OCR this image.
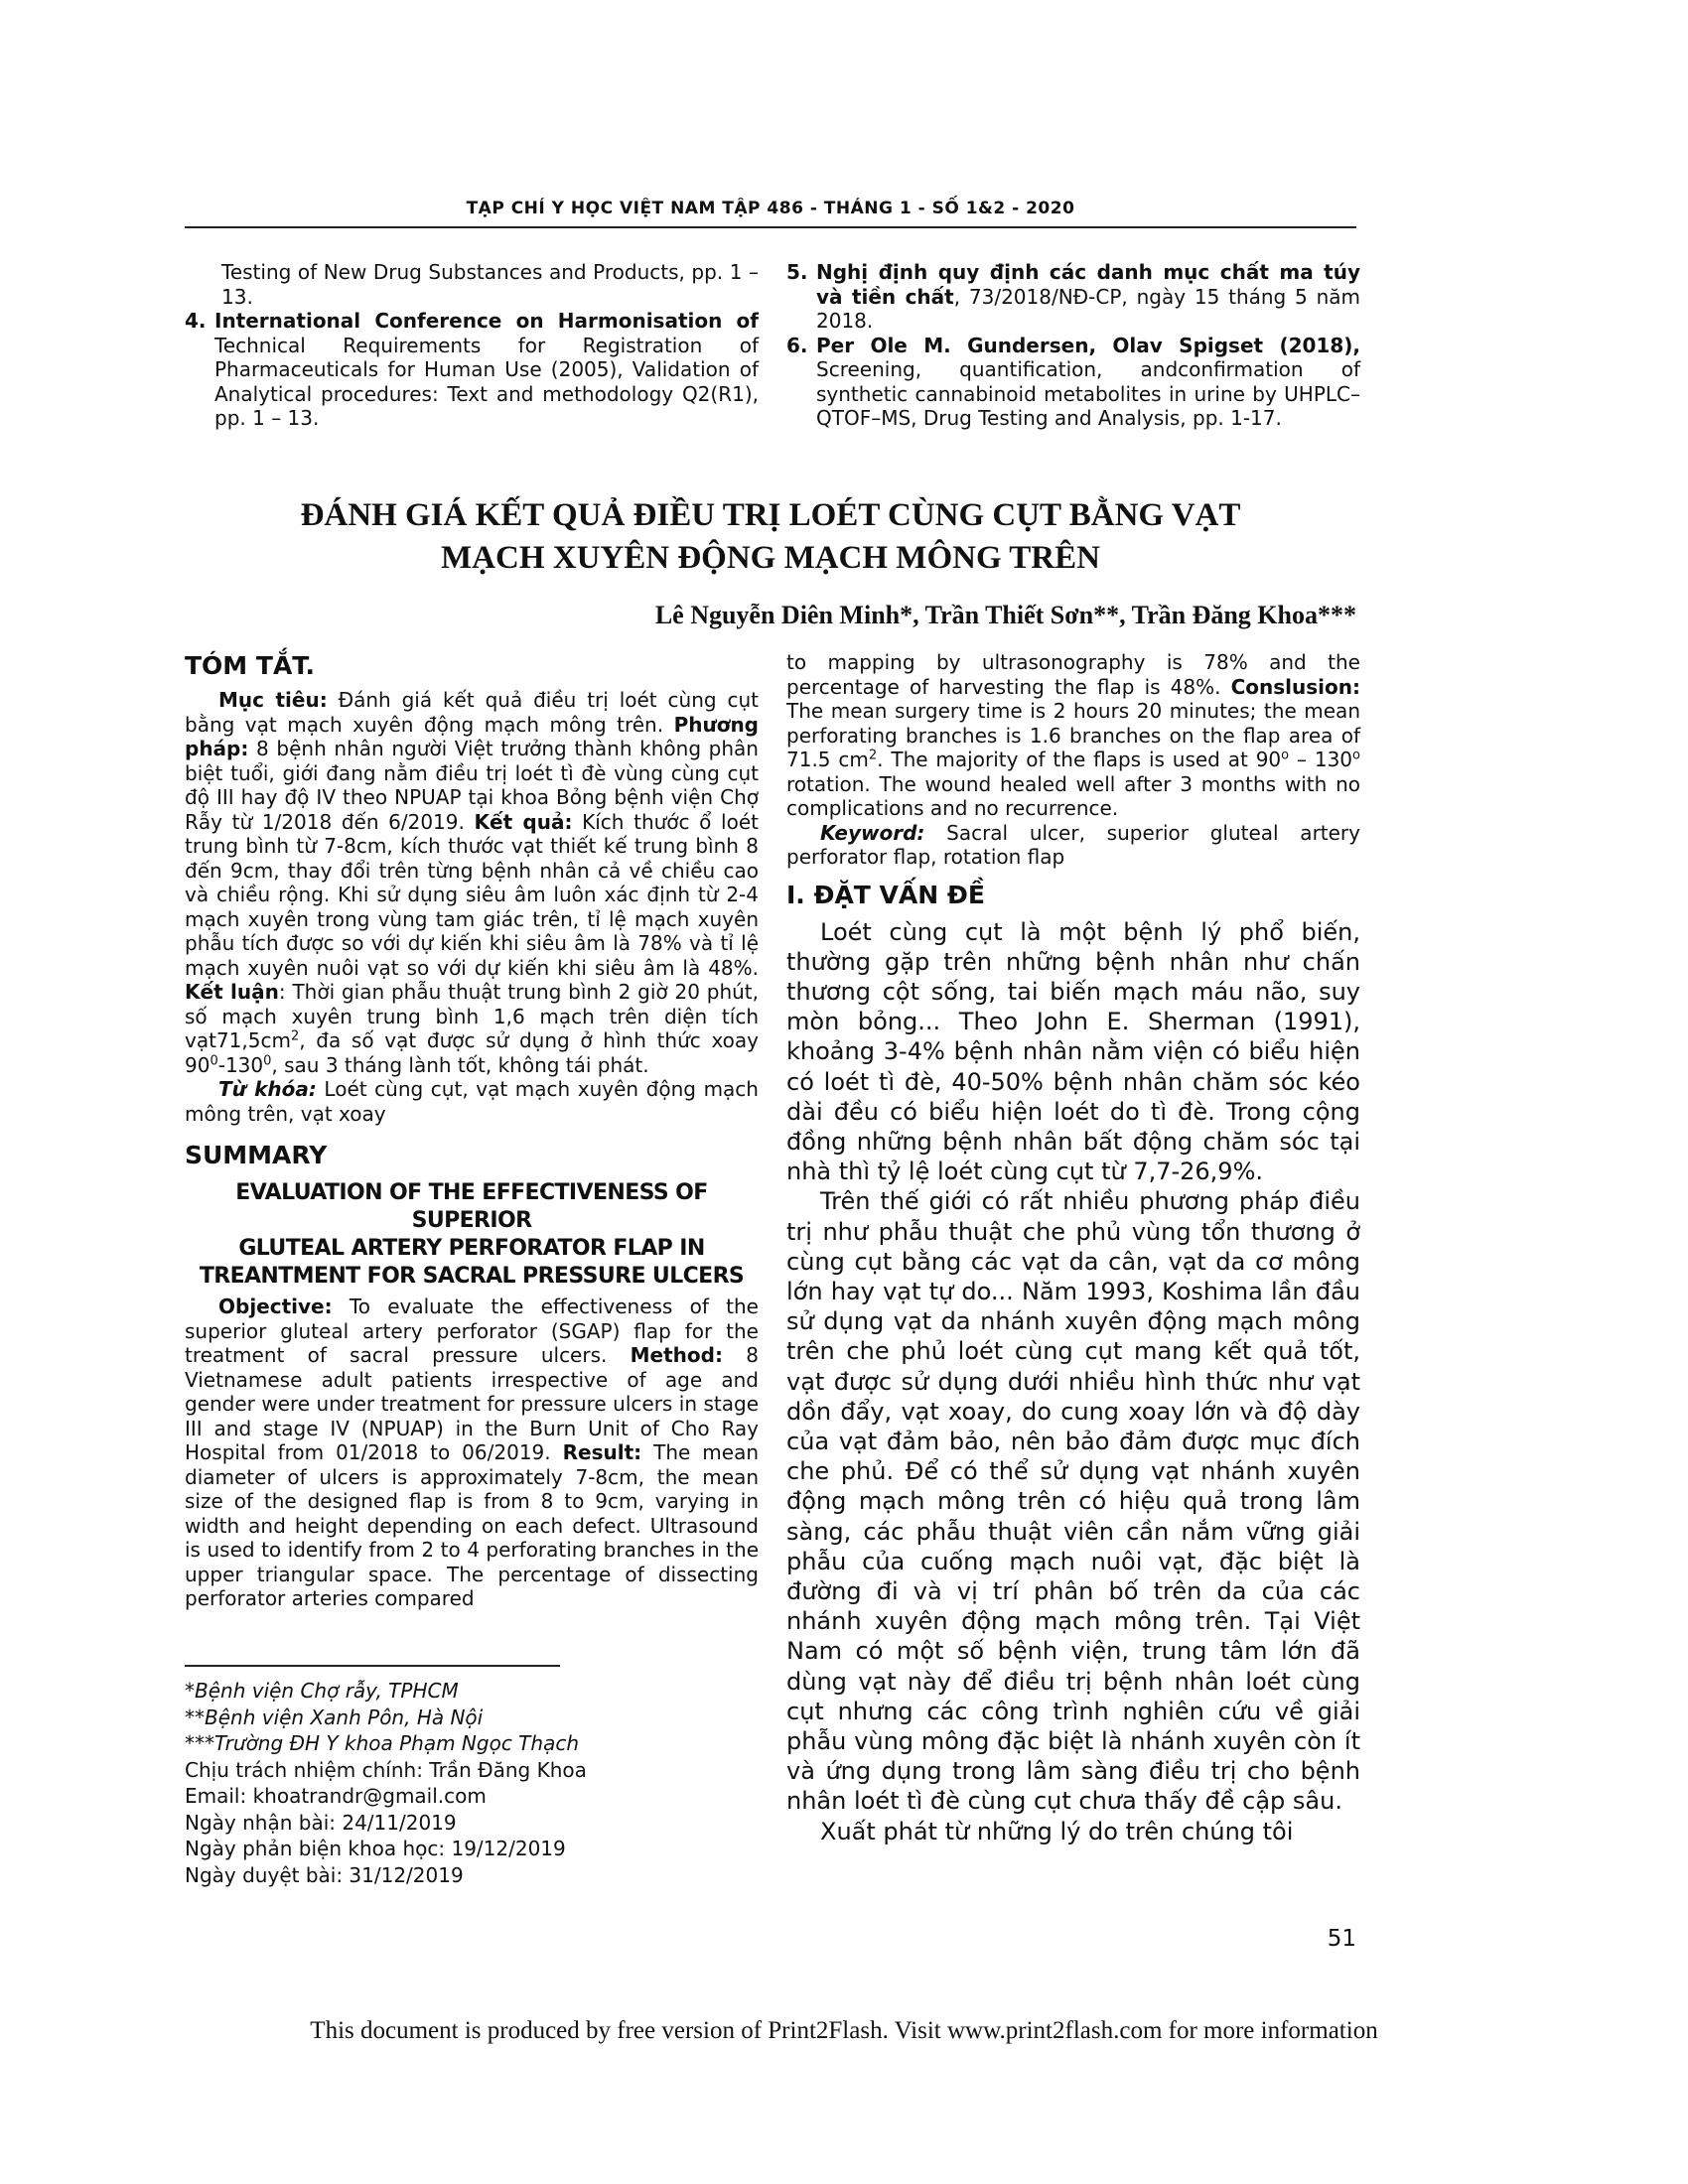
TẠP CHÍ Y HỌC VIỆT NAM TẬP 486 - THÁNG 1 - SỐ 1&2 - 2020
Testing of New Drug Substances and Products, pp. 1 – 13.
4. International Conference on Harmonisation of Technical Requirements for Registration of Pharmaceuticals for Human Use (2005), Validation of Analytical procedures: Text and methodology Q2(R1), pp. 1 – 13.
5. Nghị định quy định các danh mục chất ma túy và tiền chất, 73/2018/NĐ-CP, ngày 15 tháng 5 năm 2018.
6. Per Ole M. Gundersen, Olav Spigset (2018), Screening, quantification, andconfirmation of synthetic cannabinoid metabolites in urine by UHPLC–QTOF–MS, Drug Testing and Analysis, pp. 1-17.
ĐÁNH GIÁ KẾT QUẢ ĐIỀU TRỊ LOÉT CÙNG CỤT BẰNG VẠT
MẠCH XUYÊN ĐỘNG MẠCH MÔNG TRÊN
Lê Nguyễn Diên Minh*, Trần Thiết Sơn**, Trần Đăng Khoa***
TÓM TẮT.

Mục tiêu: Đánh giá kết quả điều trị loét cùng cụt bằng vạt mạch xuyên động mạch mông trên. Phương pháp: 8 bệnh nhân người Việt trưởng thành không phân biệt tuổi, giới đang nằm điều trị loét tì đè vùng cùng cụt độ III hay độ IV theo NPUAP tại khoa Bỏng bệnh viện Chợ Rẫy từ 1/2018 đến 6/2019. Kết quả: Kích thước ổ loét trung bình từ 7-8cm, kích thước vạt thiết kế trung bình 8 đến 9cm, thay đổi trên từng bệnh nhân cả về chiều cao và chiều rộng. Khi sử dụng siêu âm luôn xác định từ 2-4 mạch xuyên trong vùng tam giác trên, tỉ lệ mạch xuyên phẫu tích được so với dự kiến khi siêu âm là 78% và tỉ lệ mạch xuyên nuôi vạt so với dự kiến khi siêu âm là 48%. Kết luận: Thời gian phẫu thuật trung bình 2 giờ 20 phút, số mạch xuyên trung bình 1,6 mạch trên diện tích $vạt71,5cm^2$, đa số vạt được sử dụng ở hình thức xoay $90^0-130^0$, sau 3 tháng lành tốt, không tái phát.

Từ khóa: Loét cùng cụt, vạt mạch xuyên động mạch mông trên, vạt xoay

SUMMARY
EVALUATION OF THE EFFECTIVENESS OF SUPERIOR
GLUTEAL ARTERY PERFORATOR FLAP IN
TREANTMENT FOR SACRAL PRESSURE ULCERS

Objective: To evaluate the effectiveness of the superior gluteal artery perforator (SGAP) flap for the treatment of sacral pressure ulcers. Method: 8 Vietnamese adult patients irrespective of age and gender were under treatment for pressure ulcers in stage III and stage IV (NPUAP) in the Burn Unit of Cho Ray Hospital from 01/2018 to 06/2019. Result: The mean diameter of ulcers is approximately 7-8cm, the mean size of the designed flap is from 8 to 9cm, varying in width and height depending on each defect. Ultrasound is used to identify from 2 to 4 perforating branches in the upper triangular space. The percentage of dissecting perforator arteries compared

to mapping by ultrasonography is 78% and the percentage of harvesting the flap is 48%. Conslusion: The mean surgery time is 2 hours 20 minutes; the mean perforating branches is 1.6 branches on the flap area of 71.5 $cm^2$. The majority of the flaps is used at 90$^o$ – 130$^o$ rotation. The wound healed well after 3 months with no complications and no recurrence.

Keyword: Sacral ulcer, superior gluteal artery perforator flap, rotation flap

I. ĐẶT VẤN ĐỀ

Loét cùng cụt là một bệnh lý phổ biến, thường gặp trên những bệnh nhân như chấn thương cột sống, tai biến mạch máu não, suy mòn bỏng... Theo John E. Sherman (1991), khoảng 3-4% bệnh nhân nằm viện có biểu hiện có loét tì đè, 40-50% bệnh nhân chăm sóc kéo dài đều có biểu hiện loét do tì đè. Trong cộng đồng những bệnh nhân bất động chăm sóc tại nhà thì tỷ lệ loét cùng cụt từ 7,7-26,9%.

Trên thế giới có rất nhiều phương pháp điều trị như phẫu thuật che phủ vùng tổn thương ở cùng cụt bằng các vạt da cân, vạt da cơ mông lớn hay vạt tự do... Năm 1993, Koshima lần đầu sử dụng vạt da nhánh xuyên động mạch mông trên che phủ loét cùng cụt mang kết quả tốt, vạt được sử dụng dưới nhiều hình thức như vạt dồn đẩy, vạt xoay, do cung xoay lớn và độ dày của vạt đảm bảo, nên bảo đảm được mục đích che phủ. Để có thể sử dụng vạt nhánh xuyên động mạch mông trên có hiệu quả trong lâm sàng, các phẫu thuật viên cần nắm vững giải phẫu của cuống mạch nuôi vạt, đặc biệt là đường đi và vị trí phân bố trên da của các nhánh xuyên động mạch mông trên. Tại Việt Nam có một số bệnh viện, trung tâm lớn đã dùng vạt này để điều trị bệnh nhân loét cùng cụt nhưng các công trình nghiên cứu về giải phẫu vùng mông đặc biệt là nhánh xuyên còn ít và ứng dụng trong lâm sàng điều trị cho bệnh nhân loét tì đè cùng cụt chưa thấy đề cập sâu.

Xuất phát từ những lý do trên chúng tôi

*Bệnh viện Chợ rẫy, TPHCM
**Bệnh viện Xanh Pôn, Hà Nội
***Trường ĐH Y khoa Phạm Ngọc Thạch
Chịu trách nhiệm chính: Trần Đăng Khoa
Email: khoatrandr@gmail.com
Ngày nhận bài: 24/11/2019
Ngày phản biện khoa học: 19/12/2019
Ngày duyệt bài: 31/12/2019
51
This document is produced by free version of Print2Flash. Visit www.print2flash.com for more information
